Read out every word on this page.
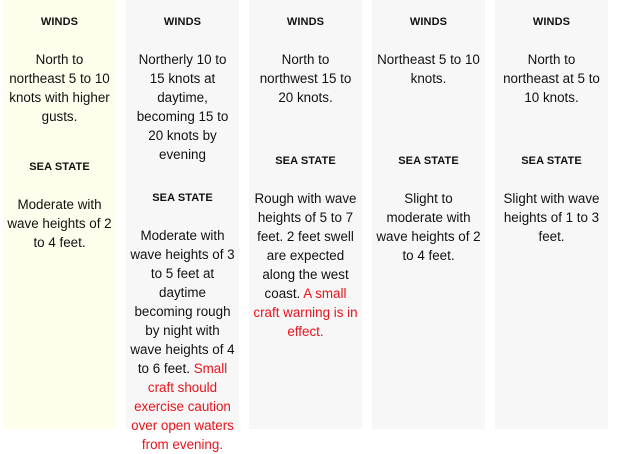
WINDS

North to northeast 5 to 10 knots with higher gusts.

SEA STATE

Moderate with wave heights of 2 to 4 feet.

WINDS

Northerly 10 to 15 knots at daytime, becoming 15 to 20 knots by evening

SEA STATE

Moderate with wave heights of 3 to 5 feet at daytime becoming rough by night with wave heights of 4 to 6 feet. Small craft should exercise caution over open waters from evening.

WINDS

North to northwest 15 to 20 knots.

SEA STATE

Rough with wave heights of 5 to 7 feet. 2 feet swell are expected along the west coast. A small craft warning is in effect.

WINDS

Northeast 5 to 10 knots.

SEA STATE

Slight to moderate with wave heights of 2 to 4 feet.

WINDS

North to northeast at 5 to 10 knots.

SEA STATE

Slight with wave heights of 1 to 3 feet.
